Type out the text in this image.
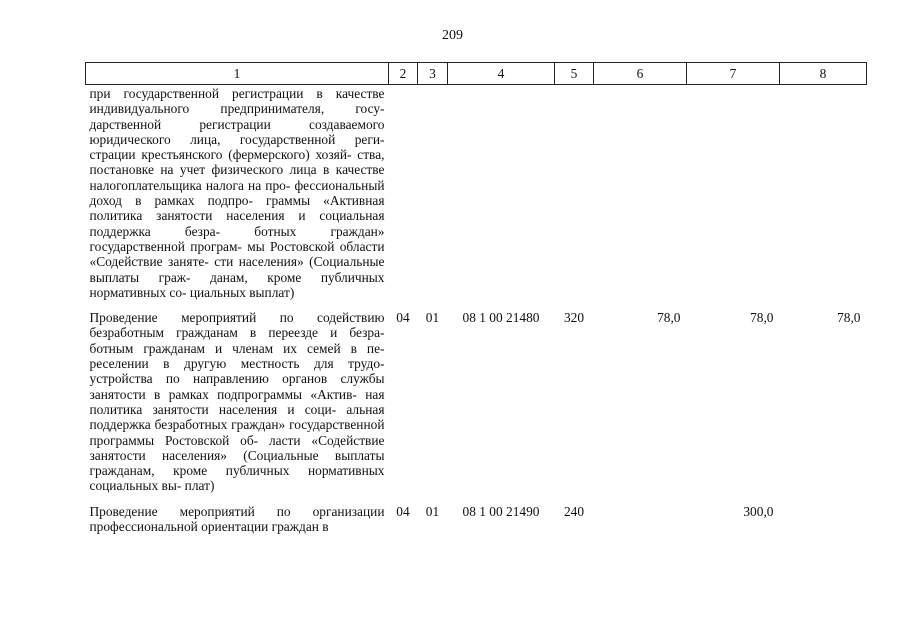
209
1	2	3	4	5	6	7	8
при государственной регистрации в качестве индивидуального предпринимателя, госу- дарственной регистрации создаваемого юридического лица, государственной реги- страции крестьянского (фермерского) хозяй- ства, постановке на учет физического лица в качестве налогоплательщика налога на про- фессиональный доход в рамках подпро- граммы «Активная политика занятости населения и социальная поддержка безра- ботных граждан» государственной програм- мы Ростовской области «Содействие заняте- сти населения» (Социальные выплаты граж- данам, кроме публичных нормативных со- циальных выплат)							
Проведение мероприятий по содействию безработным гражданам в переезде и безра- ботным гражданам и членам их семей в пе- реселении в другую местность для трудо- устройства по направлению органов службы занятости в рамках подпрограммы «Актив- ная политика занятости населения и соци- альная поддержка безработных граждан» государственной программы Ростовской об- ласти «Содействие занятости населения» (Социальные выплаты гражданам, кроме публичных нормативных социальных вы- плат)	04	01	08 1 00 21480	320	78,0	78,0	78,0
Проведение мероприятий по организации профессиональной ориентации граждан в	04	01	08 1 00 21490	240		300,0	
